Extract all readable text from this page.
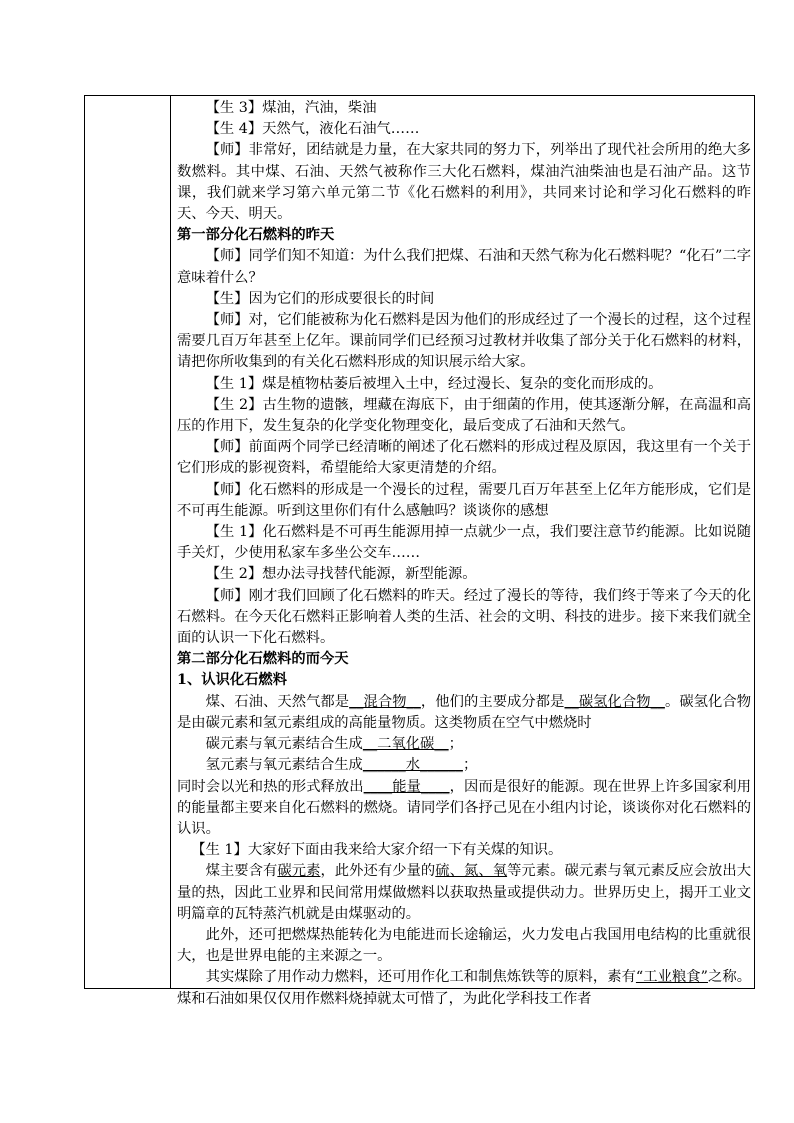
【生 3】煤油，汽油，柴油

【生 4】天然气，液化石油气……

【师】非常好，团结就是力量，在大家共同的努力下，列举出了现代社会所用的绝大多数燃料。其中煤、石油、天然气被称作三大化石燃料，煤油汽油柴油也是石油产品。这节课，我们就来学习第六单元第二节《化石燃料的利用》，共同来讨论和学习化石燃料的昨天、今天、明天。

第一部分化石燃料的昨天

【师】同学们知不知道：为什么我们把煤、石油和天然气称为化石燃料呢？“化石”二字意味着什么？

【生】因为它们的形成要很长的时间

【师】对，它们能被称为化石燃料是因为他们的形成经过了一个漫长的过程，这个过程需要几百万年甚至上亿年。课前同学们已经预习过教材并收集了部分关于化石燃料的材料，请把你所收集到的有关化石燃料形成的知识展示给大家。

【生 1】煤是植物枯萎后被埋入土中，经过漫长、复杂的变化而形成的。

【生 2】古生物的遗骸，埋藏在海底下，由于细菌的作用，使其逐渐分解，在高温和高压的作用下，发生复杂的化学变化物理变化，最后变成了石油和天然气。

【师】前面两个同学已经清晰的阐述了化石燃料的形成过程及原因，我这里有一个关于它们形成的影视资料，希望能给大家更清楚的介绍。

【师】化石燃料的形成是一个漫长的过程，需要几百万年甚至上亿年方能形成，它们是不可再生能源。听到这里你们有什么感触吗？谈谈你的感想

【生 1】化石燃料是不可再生能源用掉一点就少一点，我们要注意节约能源。比如说随手关灯，少使用私家车多坐公交车……

【生 2】想办法寻找替代能源，新型能源。

【师】刚才我们回顾了化石燃料的昨天。经过了漫长的等待，我们终于等来了今天的化石燃料。在今天化石燃料正影响着人类的生活、社会的文明、科技的进步。接下来我们就全面的认识一下化石燃料。

第二部分化石燃料的而今天

1、认识化石燃料

煤、石油、天然气都是__混合物__，他们的主要成分都是__碳氢化合物__。碳氢化合物是由碳元素和氢元素组成的高能量物质。这类物质在空气中燃烧时

碳元素与氧元素结合生成__二氧化碳__；

氢元素与氧元素结合生成______水______；

同时会以光和热的形式释放出____能量____，因而是很好的能源。现在世界上许多国家利用的能量都主要来自化石燃料的燃烧。请同学们各抒己见在小组内讨论，谈谈你对化石燃料的认识。

【生 1】大家好下面由我来给大家介绍一下有关煤的知识。

煤主要含有碳元素，此外还有少量的硫、氮、氧等元素。碳元素与氧元素反应会放出大量的热，因此工业界和民间常用煤做燃料以获取热量或提供动力。世界历史上，揭开工业文明篇章的瓦特蒸汽机就是由煤驱动的。

此外，还可把燃煤热能转化为电能进而长途输运，火力发电占我国用电结构的比重就很大，也是世界电能的主来源之一。

其实煤除了用作动力燃料，还可用作化工和制焦炼铁等的原料，素有“工业粮食”之称。煤和石油如果仅仅用作燃料烧掉就太可惜了，为此化学科技工作者
